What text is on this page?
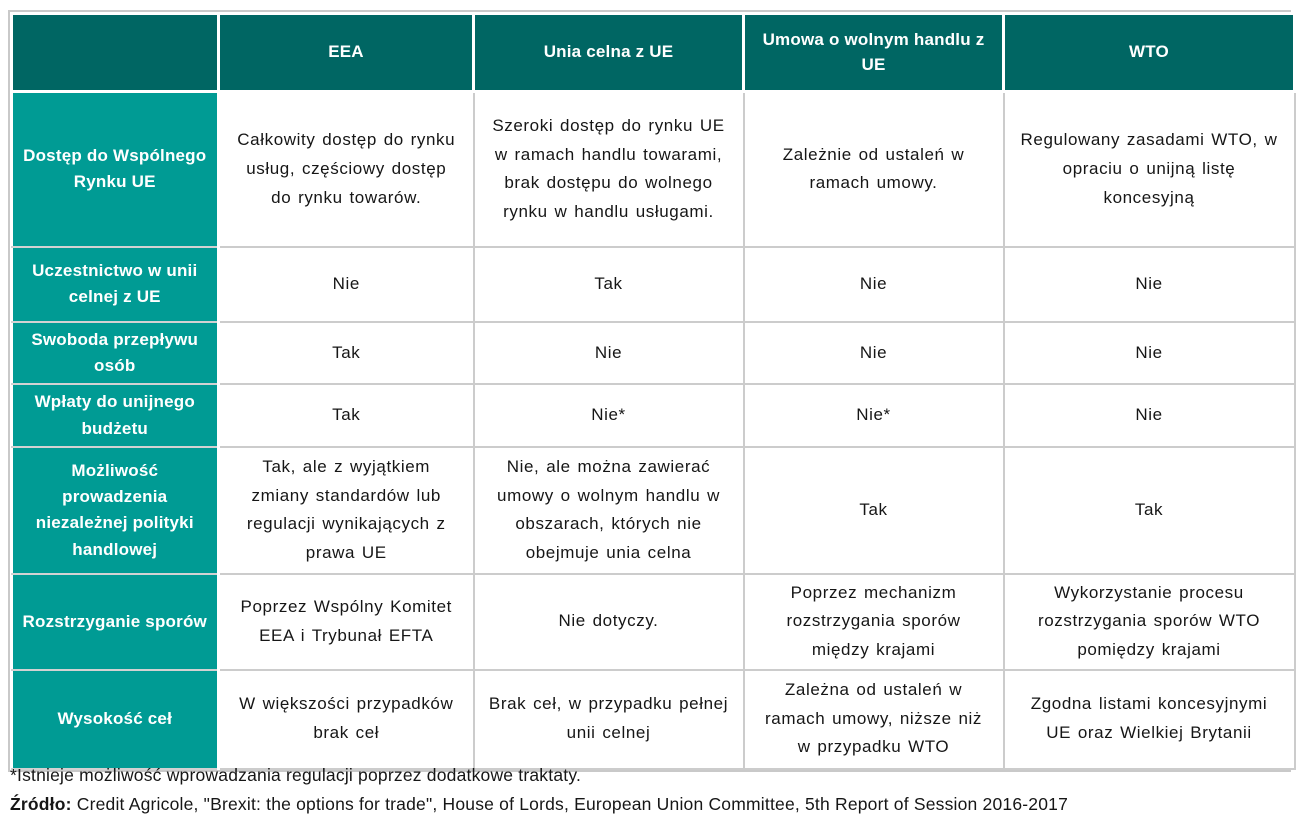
	EEA	Unia celna z UE	Umowa o wolnym handlu z UE	WTO
Dostęp do Wspólnego Rynku UE	Całkowity dostęp do rynku usług, częściowy dostęp do rynku towarów.	Szeroki dostęp do rynku UE w ramach handlu towarami, brak dostępu do wolnego rynku w handlu usługami.	Zależnie od ustaleń w ramach umowy.	Regulowany zasadami WTO, w opraciu o unijną listę koncesyjną
Uczestnictwo w unii celnej z UE	Nie	Tak	Nie	Nie
Swoboda przepływu osób	Tak	Nie	Nie	Nie
Wpłaty do unijnego budżetu	Tak	Nie*	Nie*	Nie
Możliwość prowadzenia niezależnej polityki handlowej	Tak, ale z wyjątkiem zmiany standardów lub regulacji wynikających z prawa UE	Nie, ale można zawierać umowy o wolnym handlu w obszarach, których nie obejmuje unia celna	Tak	Tak
Rozstrzyganie sporów	Poprzez Wspólny Komitet EEA i Trybunał EFTA	Nie dotyczy.	Poprzez mechanizm rozstrzygania sporów między krajami	Wykorzystanie procesu rozstrzygania sporów WTO pomiędzy krajami
Wysokość ceł	W większości przypadków brak ceł	Brak ceł, w przypadku pełnej unii celnej	Zależna od ustaleń w ramach umowy, niższe niż w przypadku WTO	Zgodna listami koncesyjnymi UE oraz Wielkiej Brytanii

*Istnieje możliwość wprowadzania regulacji poprzez dodatkowe traktaty.

Źródło: Credit Agricole, "Brexit: the options for trade", House of Lords, European Union Committee, 5th Report of Session 2016-2017
